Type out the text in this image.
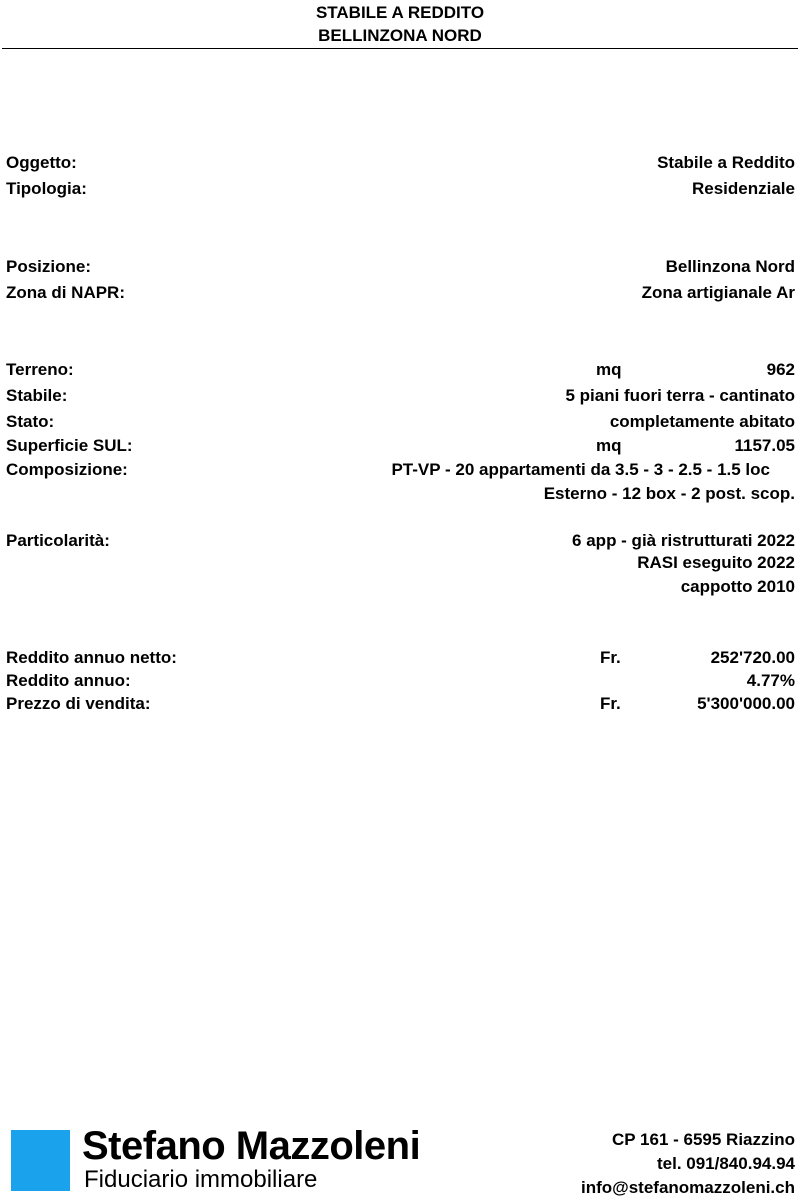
STABILE A REDDITO
BELLINZONA NORD
Oggetto:	Stabile a Reddito
Tipologia:	Residenziale
Posizione:	Bellinzona Nord
Zona di NAPR:	Zona artigianale Ar
Terreno:	mq	962
Stabile:	5 piani fuori terra - cantinato
Stato:	completamente abitato
Superficie SUL:	mq	1157.05
Composizione:	PT-VP - 20 appartamenti da 3.5 - 3 - 2.5 - 1.5 loc
Esterno - 12 box - 2 post. scop.
Particolarità:	6 app - già ristrutturati 2022
RASI eseguito 2022
cappotto 2010
Reddito annuo netto:	Fr.	252'720.00
Reddito annuo:	4.77%
Prezzo di vendita:	Fr.	5'300'000.00
Stefano Mazzoleni
Fiduciario immobiliare
CP 161 - 6595 Riazzino
tel. 091/840.94.94
info@stefanomazzoleni.ch
